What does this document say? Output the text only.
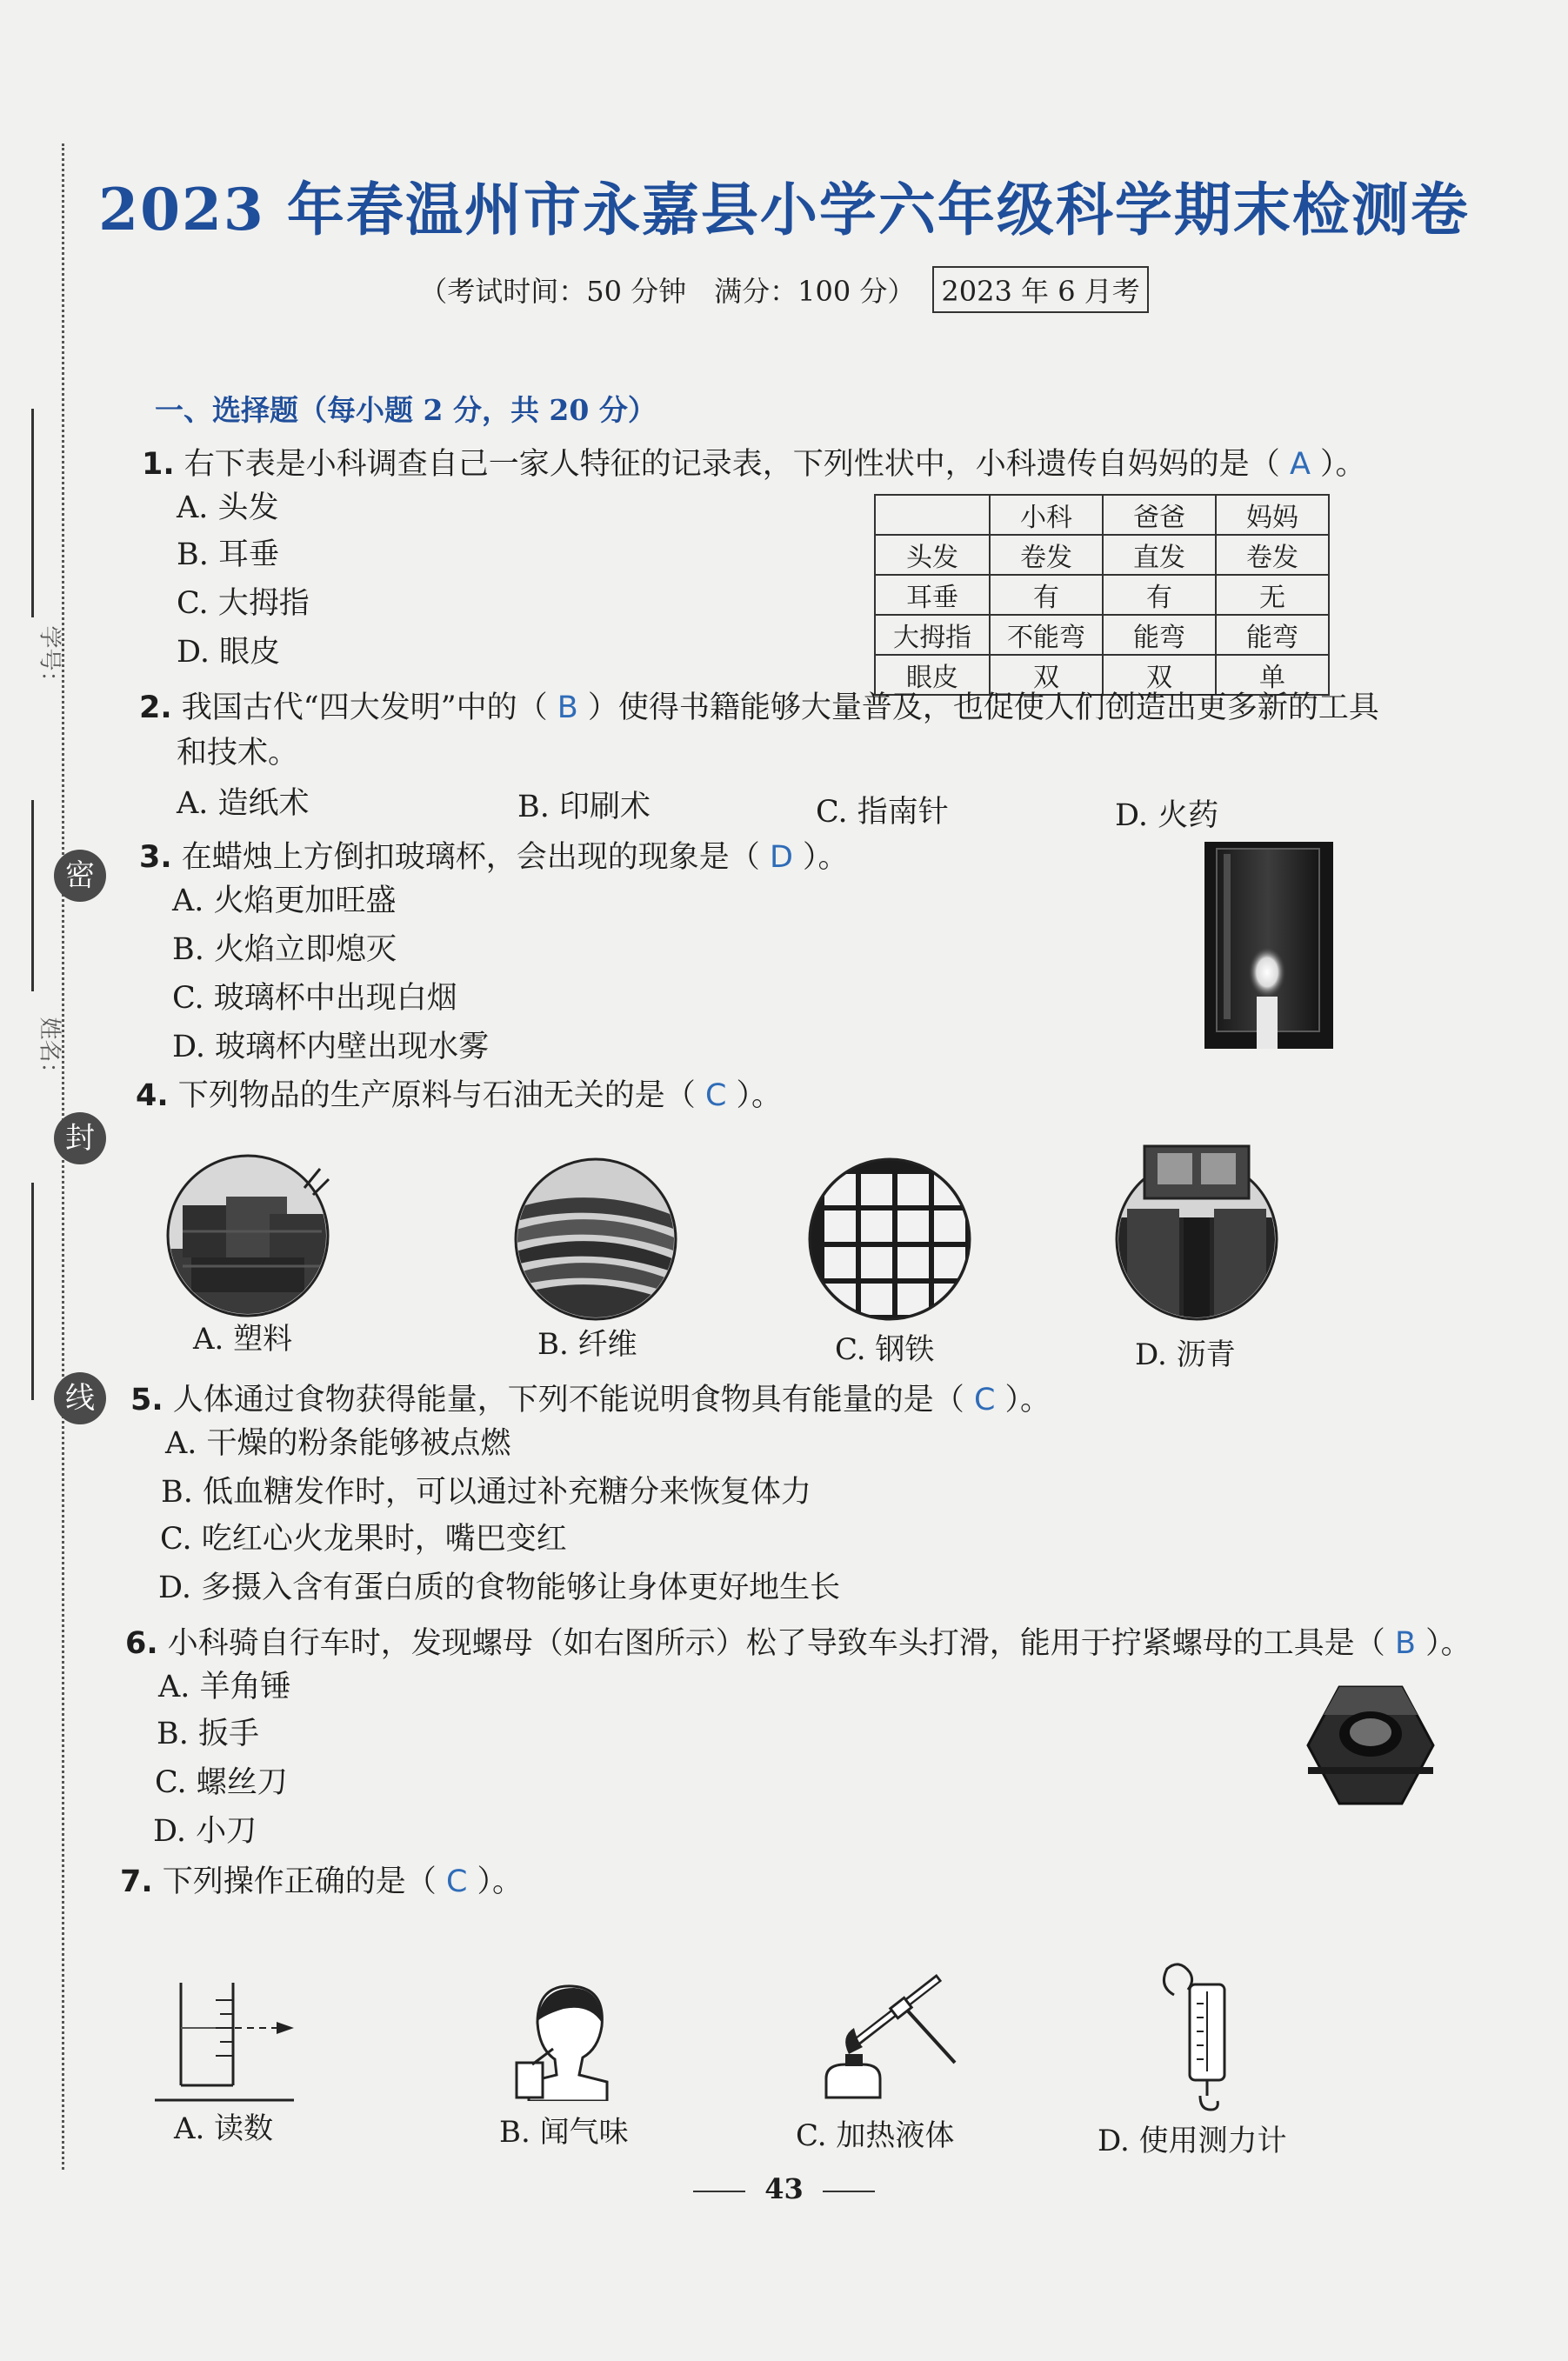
学号：
姓名：
密
封
线
2023 年春温州市永嘉县小学六年级科学期末检测卷
（考试时间：50 分钟　满分：100 分） 2023 年 6 月考
一、选择题（每小题 2 分，共 20 分）
1. 右下表是小科调查自己一家人特征的记录表，下列性状中，小科遗传自妈妈的是（ A ）。
A. 头发
B. 耳垂
C. 大拇指
D. 眼皮
	小科	爸爸	妈妈
头发	卷发	直发	卷发
耳垂	有	有	无
大拇指	不能弯	能弯	能弯
眼皮	双	双	单
2. 我国古代“四大发明”中的（ B ）使得书籍能够大量普及，也促使人们创造出更多新的工具
和技术。
A. 造纸术	B. 印刷术	C. 指南针	D. 火药
3. 在蜡烛上方倒扣玻璃杯，会出现的现象是（ D ）。
A. 火焰更加旺盛
B. 火焰立即熄灭
C. 玻璃杯中出现白烟
D. 玻璃杯内壁出现水雾
4. 下列物品的生产原料与石油无关的是（ C ）。
A. 塑料	B. 纤维	C. 钢铁	D. 沥青
5. 人体通过食物获得能量，下列不能说明食物具有能量的是（ C ）。
A. 干燥的粉条能够被点燃
B. 低血糖发作时，可以通过补充糖分来恢复体力
C. 吃红心火龙果时，嘴巴变红
D. 多摄入含有蛋白质的食物能够让身体更好地生长
6. 小科骑自行车时，发现螺母（如右图所示）松了导致车头打滑，能用于拧紧螺母的工具是（ B ）。
A. 羊角锤
B. 扳手
C. 螺丝刀
D. 小刀
7. 下列操作正确的是（ C ）。
A. 读数	B. 闻气味	C. 加热液体	D. 使用测力计
43
